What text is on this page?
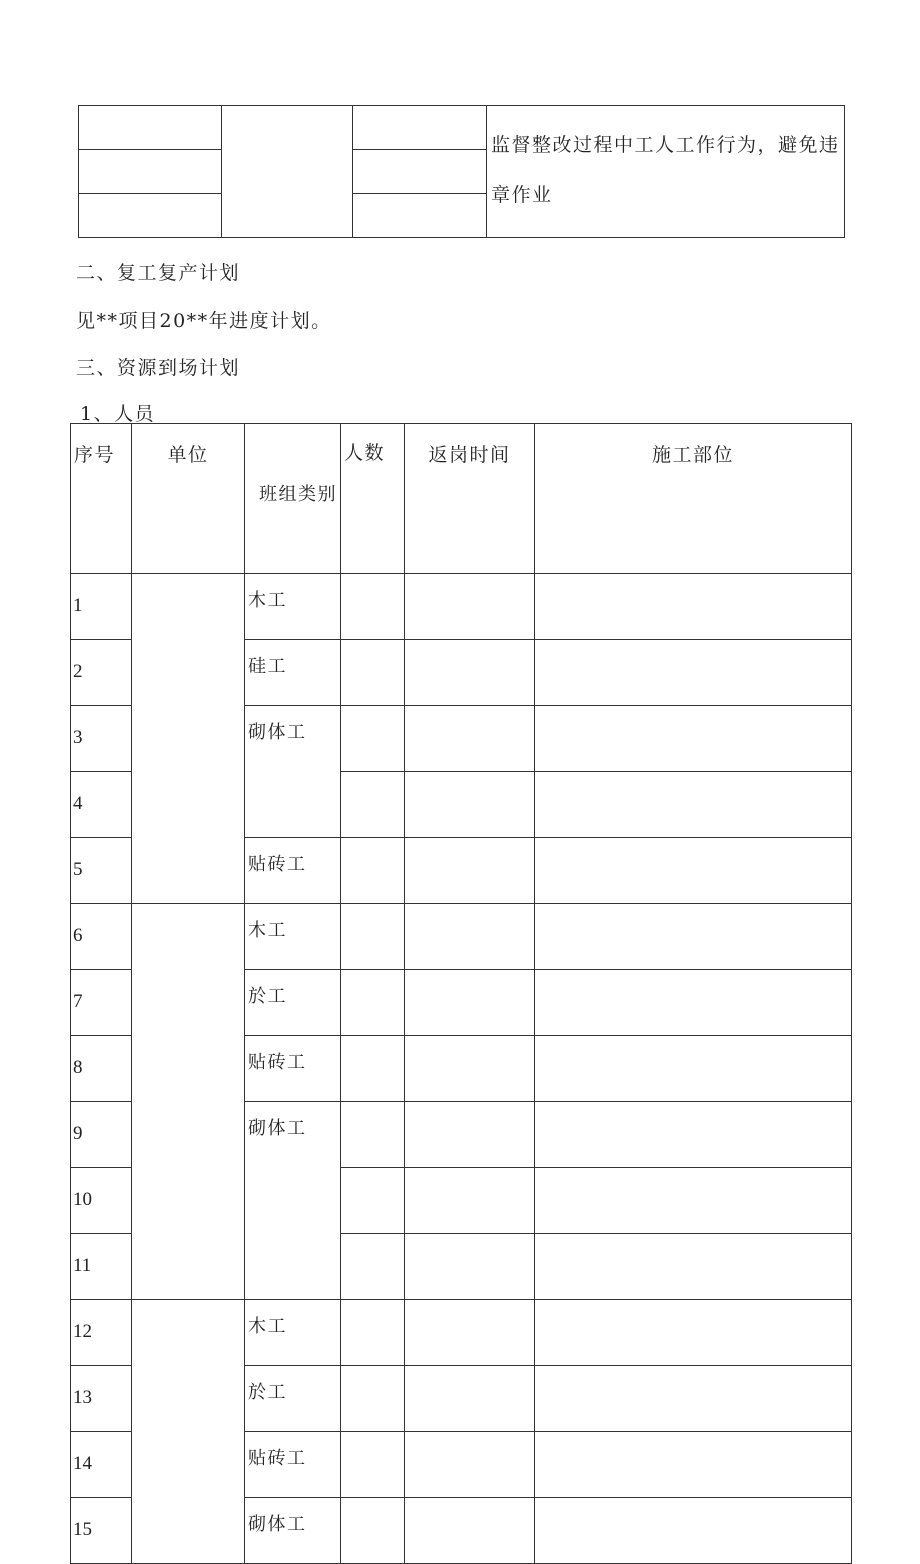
			监督整改过程中工人工作行为，避免违章作业

二、复工复产计划
见**项目20**年进度计划。
三、资源到场计划
1、人员
序号	单位	班组类别	人数	返岗时间	施工部位
1		木工			
2		硅工			
3		砌体工			
4					
5		贴砖工			
6		木工			
7		於工			
8		贴砖工			
9		砌体工			
10					
11					
12		木工			
13		於工			
14		贴砖工			
15		砌体工			
